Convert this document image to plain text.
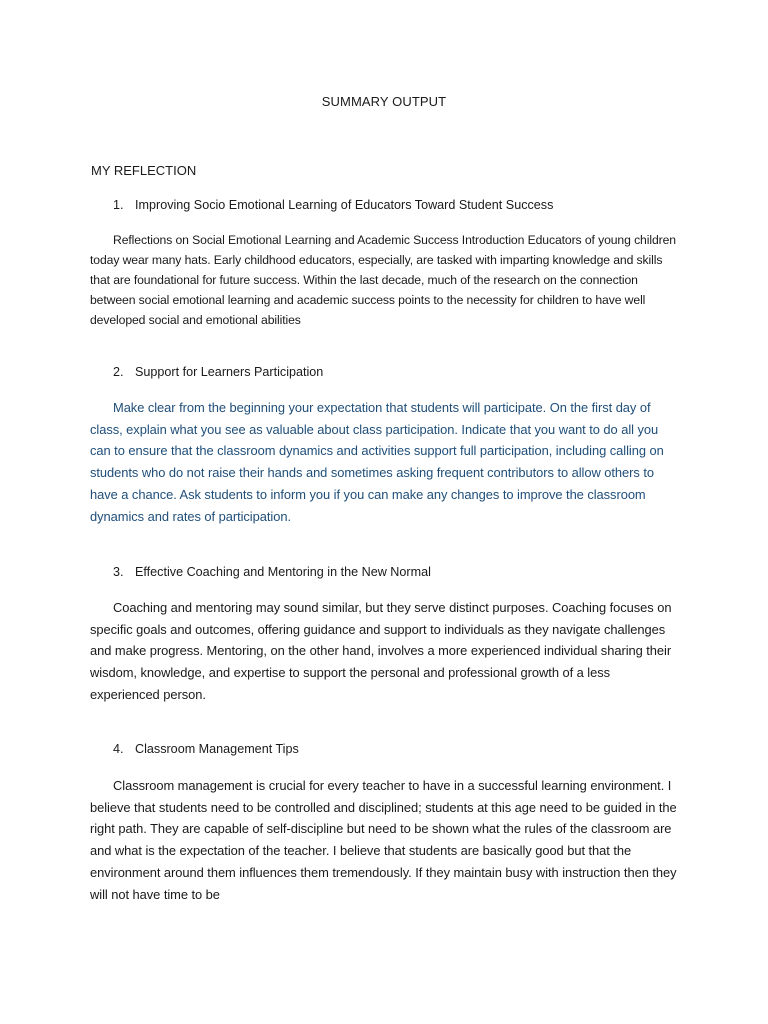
SUMMARY OUTPUT
MY REFLECTION
1. Improving Socio Emotional Learning of Educators Toward Student Success

Reflections on Social Emotional Learning and Academic Success Introduction Educators of young children today wear many hats. Early childhood educators, especially, are tasked with imparting knowledge and skills that are foundational for future success. Within the last decade, much of the research on the connection between social emotional learning and academic success points to the necessity for children to have well developed social and emotional abilities

2. Support for Learners Participation

Make clear from the beginning your expectation that students will participate. On the first day of class, explain what you see as valuable about class participation. Indicate that you want to do all you can to ensure that the classroom dynamics and activities support full participation, including calling on students who do not raise their hands and sometimes asking frequent contributors to allow others to have a chance. Ask students to inform you if you can make any changes to improve the classroom dynamics and rates of participation.

3. Effective Coaching and Mentoring in the New Normal

Coaching and mentoring may sound similar, but they serve distinct purposes. Coaching focuses on specific goals and outcomes, offering guidance and support to individuals as they navigate challenges and make progress. Mentoring, on the other hand, involves a more experienced individual sharing their wisdom, knowledge, and expertise to support the personal and professional growth of a less experienced person.

4. Classroom Management Tips

Classroom management is crucial for every teacher to have in a successful learning environment. I believe that students need to be controlled and disciplined; students at this age need to be guided in the right path. They are capable of self-discipline but need to be shown what the rules of the classroom are and what is the expectation of the teacher. I believe that students are basically good but that the environment around them influences them tremendously. If they maintain busy with instruction then they will not have time to be
